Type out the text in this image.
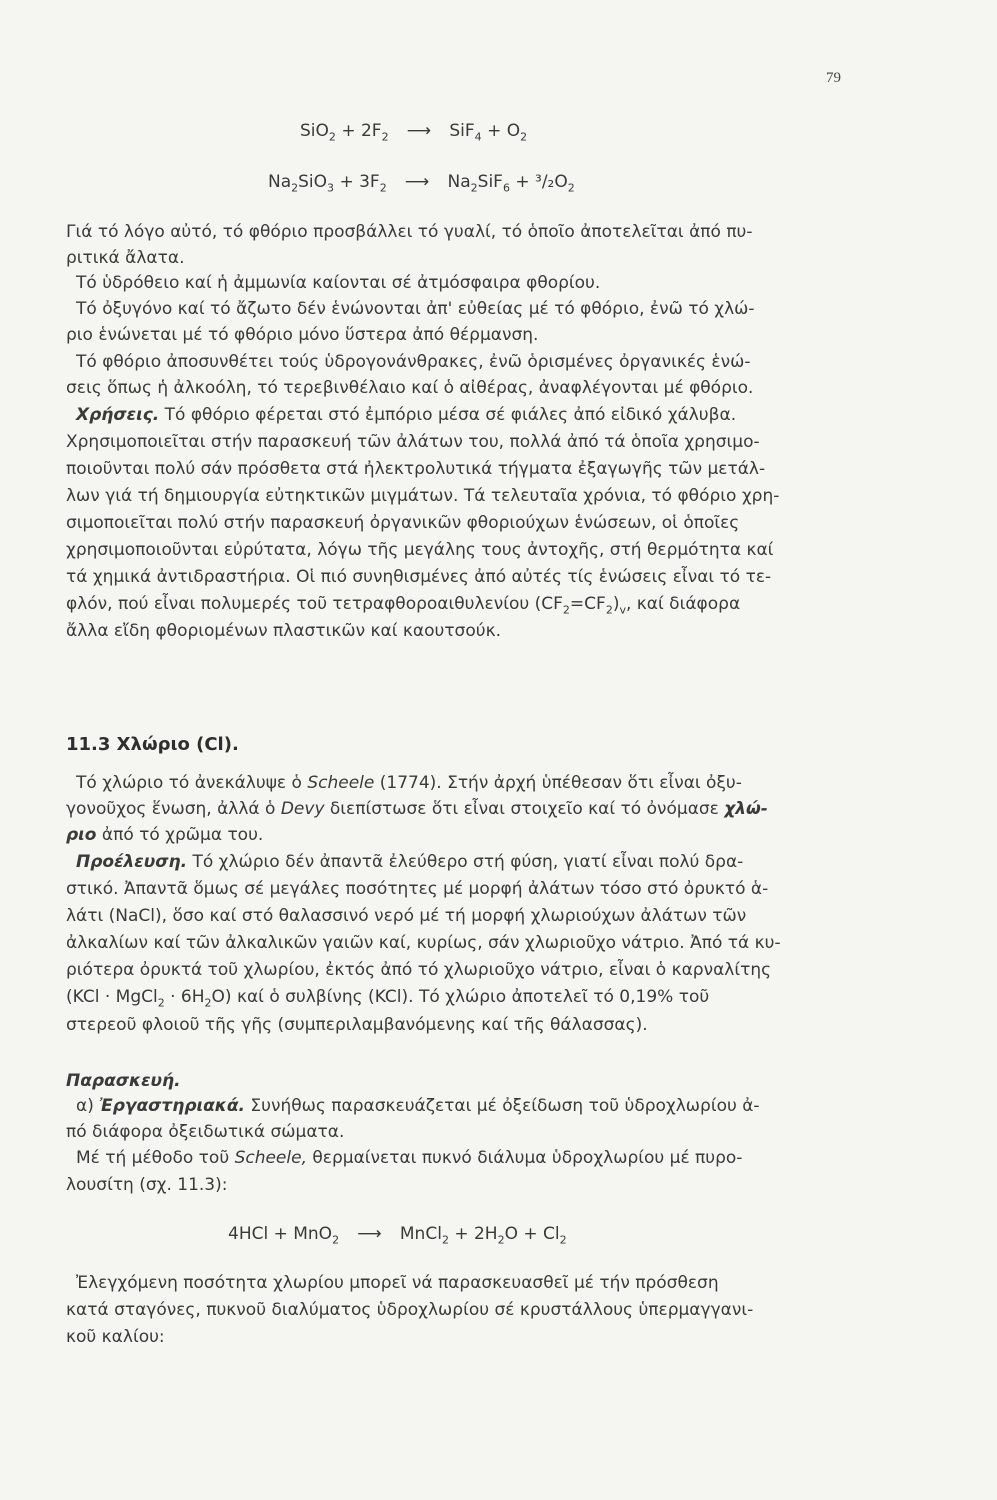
79
$SiO_2 + 2F_2$ ⟶ $SiF_4 + O_2$
$Na_2SiO_3 + 3F_2$ ⟶ $Na_2SiF_6 + ^3/_2O_2$
Γιά τό λόγο αὐτό, τό φθόριο προσβάλλει τό γυαλί, τό ὁποῖο ἀποτελεῖται ἀπό πυ-
ριτικά ἄλατα.
Τό ὑδρόθειο καί ἡ ἀμμωνία καίονται σέ ἀτμόσφαιρα φθορίου.
Τό ὀξυγόνο καί τό ἄζωτο δέν ἑνώνονται ἀπ' εὐθείας μέ τό φθόριο, ἐνῶ τό χλώ-
ριο ἑνώνεται μέ τό φθόριο μόνο ὕστερα ἀπό θέρμανση.
Τό φθόριο ἀποσυνθέτει τούς ὑδρογονάνθρακες, ἐνῶ ὁρισμένες ὀργανικές ἑνώ-
σεις ὅπως ἡ ἀλκοόλη, τό τερεβινθέλαιο καί ὁ αἰθέρας, ἀναφλέγονται μέ φθόριο.
Χρήσεις. Τό φθόριο φέρεται στό ἐμπόριο μέσα σέ φιάλες ἀπό εἰδικό χάλυβα.
Χρησιμοποιεῖται στήν παρασκευή τῶν ἀλάτων του, πολλά ἀπό τά ὁποῖα χρησιμο-
ποιοῦνται πολύ σάν πρόσθετα στά ἠλεκτρολυτικά τήγματα ἐξαγωγῆς τῶν μετάλ-
λων γιά τή δημιουργία εὐτηκτικῶν μιγμάτων. Τά τελευταῖα χρόνια, τό φθόριο χρη-
σιμοποιεῖται πολύ στήν παρασκευή ὀργανικῶν φθοριούχων ἑνώσεων, οἱ ὁποῖες
χρησιμοποιοῦνται εὐρύτατα, λόγω τῆς μεγάλης τους ἀντοχῆς, στή θερμότητα καί
τά χημικά ἀντιδραστήρια. Οἱ πιό συνηθισμένες ἀπό αὐτές τίς ἑνώσεις εἶναι τό τε-
φλόν, πού εἶναι πολυμερές τοῦ τετραφθοροαιθυλενίου $(CF_2=CF_2)_v$, καί διάφορα
ἄλλα εἴδη φθοριομένων πλαστικῶν καί καουτσούκ.
11.3 Χλώριο (Cl).
Τό χλώριο τό ἀνεκάλυψε ὁ Scheele (1774). Στήν ἀρχή ὑπέθεσαν ὅτι εἶναι ὀξυ-
γονοῦχος ἕνωση, ἀλλά ὁ Devy διεπίστωσε ὅτι εἶναι στοιχεῖο καί τό ὀνόμασε χλώ-
ριο ἀπό τό χρῶμα του.
Προέλευση. Τό χλώριο δέν ἀπαντᾶ ἐλεύθερο στή φύση, γιατί εἶναι πολύ δρα-
στικό. Ἀπαντᾶ ὅμως σέ μεγάλες ποσότητες μέ μορφή ἀλάτων τόσο στό ὀρυκτό ἁ-
λάτι (NaCl), ὅσο καί στό θαλασσινό νερό μέ τή μορφή χλωριούχων ἀλάτων τῶν
ἀλκαλίων καί τῶν ἀλκαλικῶν γαιῶν καί, κυρίως, σάν χλωριοῦχο νάτριο. Ἀπό τά κυ-
ριότερα ὀρυκτά τοῦ χλωρίου, ἐκτός ἀπό τό χλωριοῦχο νάτριο, εἶναι ὁ καρναλίτης
(KCl · MgCl$_2$ · $6H_2O$) καί ὁ συλβίνης (KCl). Τό χλώριο ἀποτελεῖ τό 0,19% τοῦ
στερεοῦ φλοιοῦ τῆς γῆς (συμπεριλαμβανόμενης καί τῆς θάλασσας).
Παρασκευή.
α) Ἐργαστηριακά. Συνήθως παρασκευάζεται μέ ὀξείδωση τοῦ ὑδροχλωρίου ἀ-
πό διάφορα ὀξειδωτικά σώματα.
Μέ τή μέθοδο τοῦ Scheele, θερμαίνεται πυκνό διάλυμα ὑδροχλωρίου μέ πυρο-
λουσίτη (σχ. 11.3):
4HCl + MnO$_2$ ⟶ MnCl$_2$ + $2H_2O + Cl_2$
Ἐλεγχόμενη ποσότητα χλωρίου μπορεῖ νά παρασκευασθεῖ μέ τήν πρόσθεση
κατά σταγόνες, πυκνοῦ διαλύματος ὑδροχλωρίου σέ κρυστάλλους ὑπερμαγγανι-
κοῦ καλίου:
